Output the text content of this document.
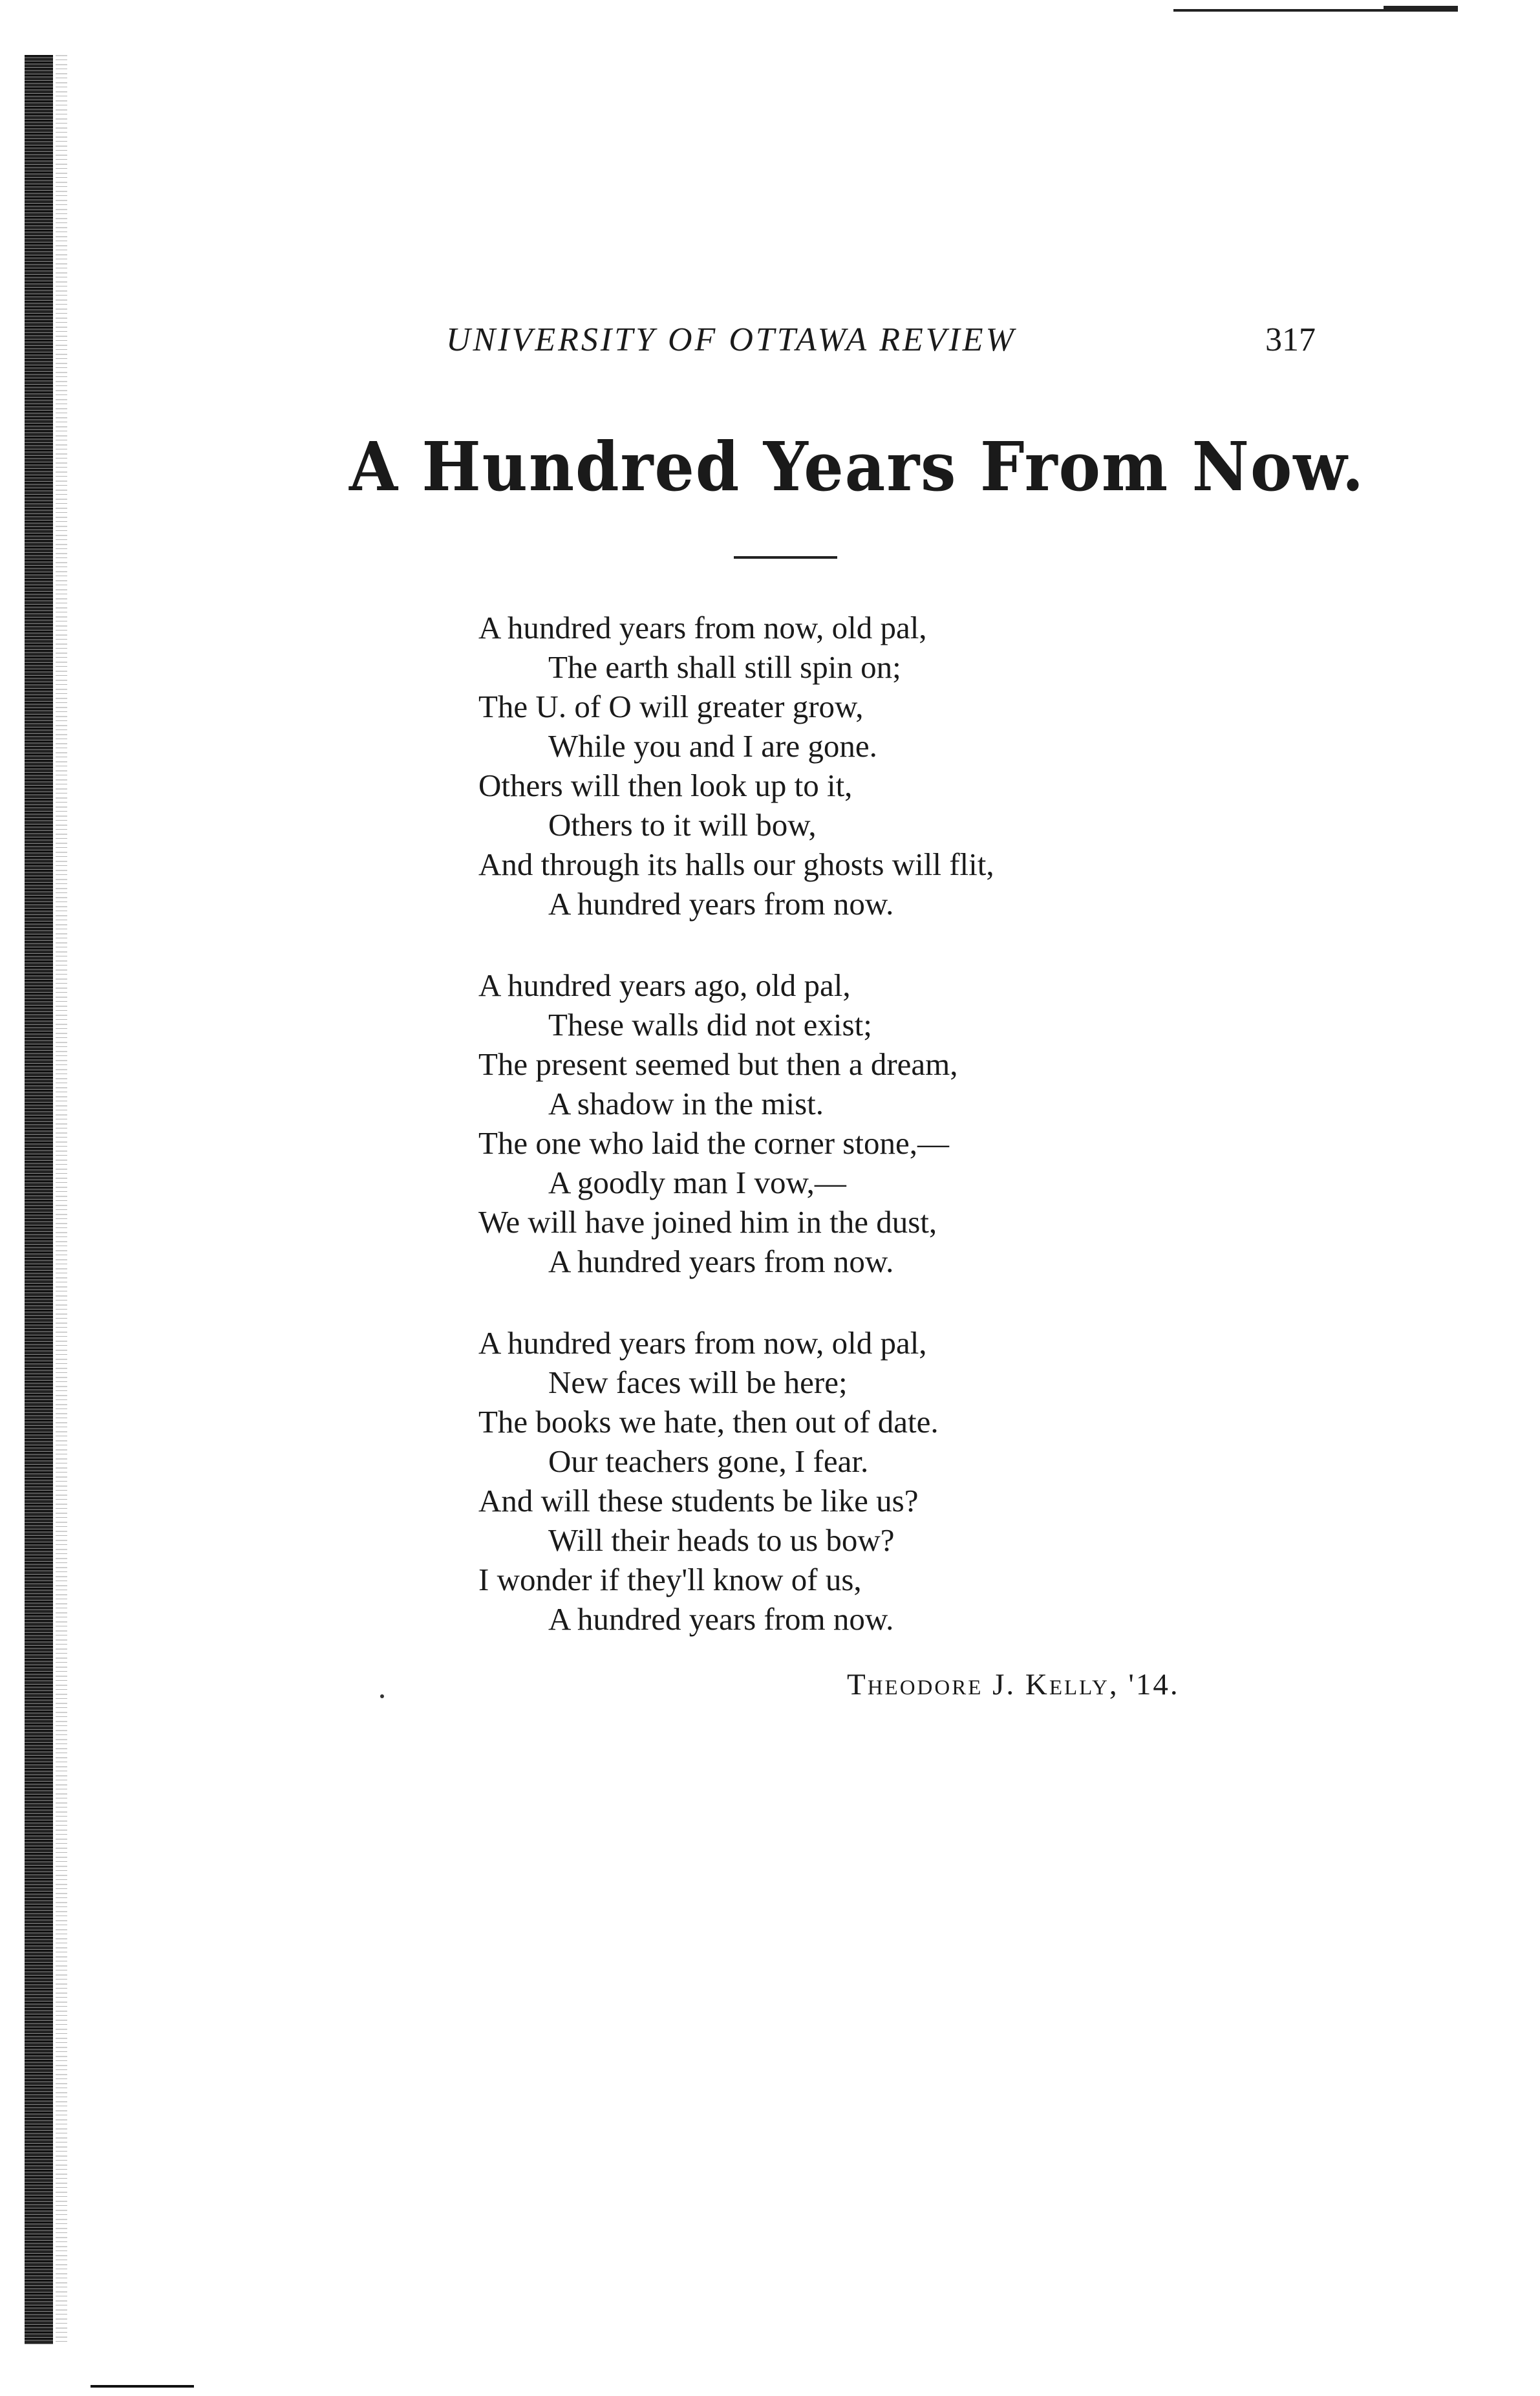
UNIVERSITY OF OTTAWA REVIEW	317
A Hundred Years From Now.
A hundred years from now, old pal,
The earth shall still spin on;
The U. of O will greater grow,
While you and I are gone.
Others will then look up to it,
Others to it will bow,
And through its halls our ghosts will flit,
A hundred years from now.
A hundred years ago, old pal,
These walls did not exist;
The present seemed but then a dream,
A shadow in the mist.
The one who laid the corner stone,—
A goodly man I vow,—
We will have joined him in the dust,
A hundred years from now.
A hundred years from now, old pal,
New faces will be here;
The books we hate, then out of date.
Our teachers gone, I fear.
And will these students be like us?
Will their heads to us bow?
I wonder if they'll know of us,
A hundred years from now.
Theodore J. Kelly, '14.
